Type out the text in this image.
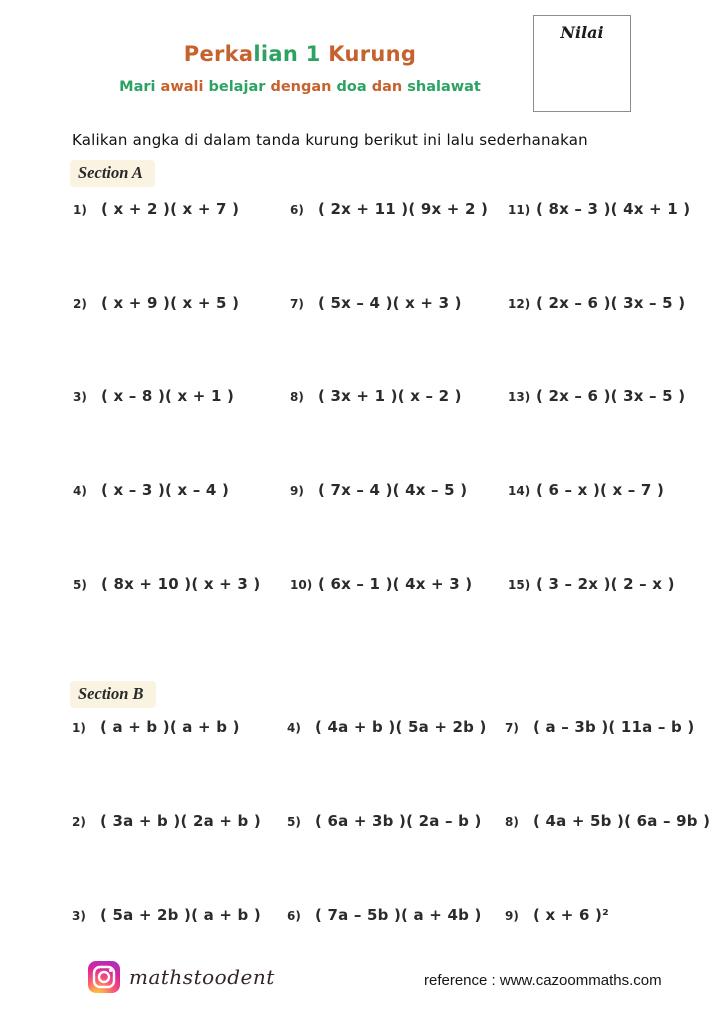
Perkalian 1 Kurung
Mari awali belajar dengan doa dan shalawat
Nilai
Kalikan angka di dalam tanda kurung berikut ini lalu sederhanakan
Section A
1) ( x + 2 )( x + 7 )
2) ( x + 9 )( x + 5 )
3) ( x – 8 )( x + 1 )
4) ( x – 3 )( x – 4 )
5) ( 8x + 10 )( x + 3 )
6) ( 2x + 11 )( 9x + 2 )
7) ( 5x – 4 )( x + 3 )
8) ( 3x + 1 )( x – 2 )
9) ( 7x – 4 )( 4x – 5 )
10) ( 6x – 1 )( 4x + 3 )
11) ( 8x – 3 )( 4x + 1 )
12) ( 2x – 6 )( 3x – 5 )
13) ( 2x – 6 )( 3x – 5 )
14) ( 6 – x )( x – 7 )
15) ( 3 – 2x )( 2 – x )
Section B
1) ( a + b )( a + b )
2) ( 3a + b )( 2a + b )
3) ( 5a + 2b )( a + b )
4) ( 4a + b )( 5a + 2b )
5) ( 6a + 3b )( 2a – b )
6) ( 7a – 5b )( a + 4b )
7) ( a – 3b )( 11a – b )
8) ( 4a + 5b )( 6a – 9b )
9) ( x + 6 )²
mathstoodent	reference : www.cazoommaths.com
